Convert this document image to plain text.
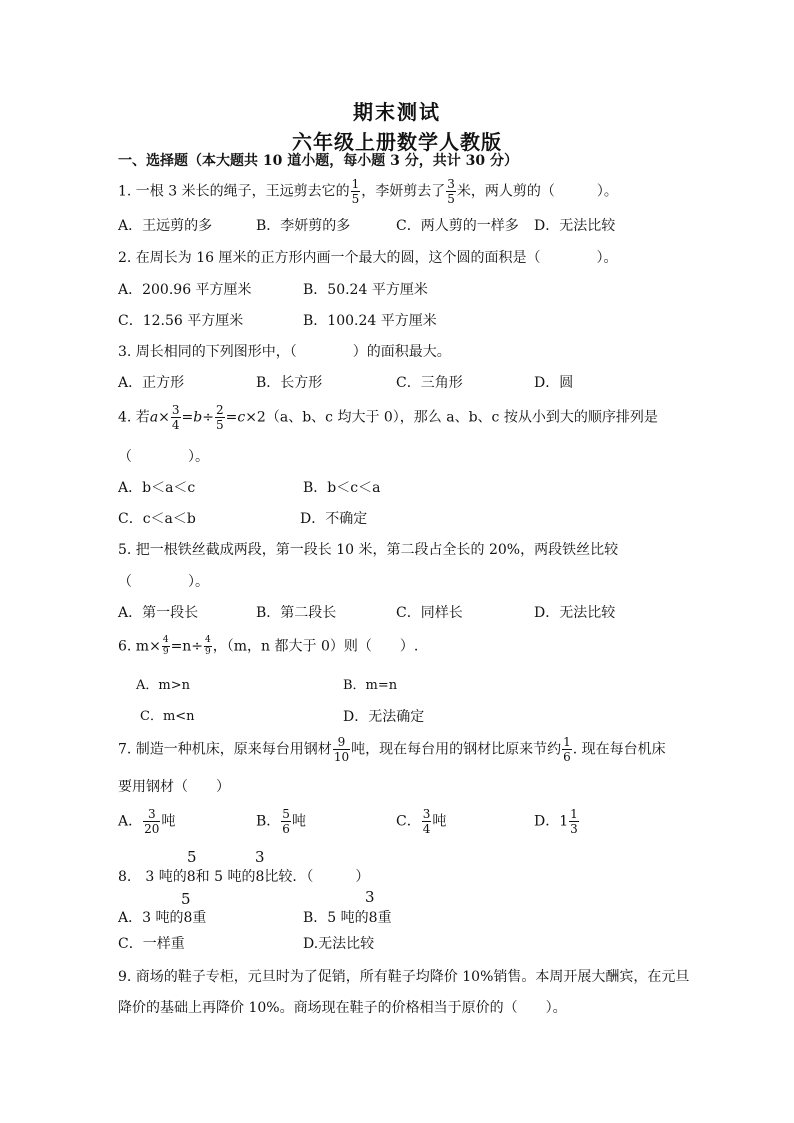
期末测试
六年级上册数学人教版
一、选择题（本大题共 10 道小题，每小题 3 分，共计 30 分）
1. 一根 3 米长的绳子，王远剪去它的 $\frac{1}{5}$ ，李妍剪去了 $\frac{3}{5}$ 米，两人剪的（　　　）。
A．王远剪的多	B．李妍剪的多	C．两人剪的一样多 D．无法比较
2. 在周长为 16 厘米的正方形内画一个最大的圆，这个圆的面积是（　　　　）。
A．200.96 平方厘米	B．50.24 平方厘米
C．12.56 平方厘米	B．100.24 平方厘米
3. 周长相同的下列图形中，（　　　　）的面积最大。
A．正方形	B．长方形	C．三角形	D．圆
4. 若$a\times \frac{3}{4} =b\div \frac{2}{5} =c\times 2(a$、b、c 均大于 0），那么 a、b、c 按从小到大的顺序排列是
（　　　　）。
A．b＜a＜c	B．b＜c＜a
C．c＜a＜b	D．不确定
5. 把一根铁丝截成两段，第一段长 10 米，第二段占全长的 20%，两段铁丝比较
（　　　　）。
A．第一段长	B．第二段长	C．同样长	D．无法比较
6. $m\times \frac{4}{9} =n\div \frac{4}{9}$ ，（m，n 都大于 0）则（　　）.
A．m>n	B．m=n
C．m<n	D．无法确定
7. 制造一种机床，原来每台用钢材 $\frac{9}{10}$ 吨，现在每台用的钢材比原来节约 $\frac{1}{6}$ . 现在每台机床
要用钢材（　　）
A． $\frac{3}{20}$ 吨	B． $\frac{5}{6}$ 吨	C． $\frac{3}{4}$ 吨	D．$1 \frac{1}{3}$
5	3
8.　3 吨的8和 5 吨的8比较．（　　　）
3
5
A．3 吨的8重	B．5 吨的8重
C．一样重	D.无法比较
9. 商场的鞋子专柜，元旦时为了促销，所有鞋子均降价 10%销售。本周开展大酬宾，在元旦
降价的基础上再降价 10%。商场现在鞋子的价格相当于原价的（　　）。
